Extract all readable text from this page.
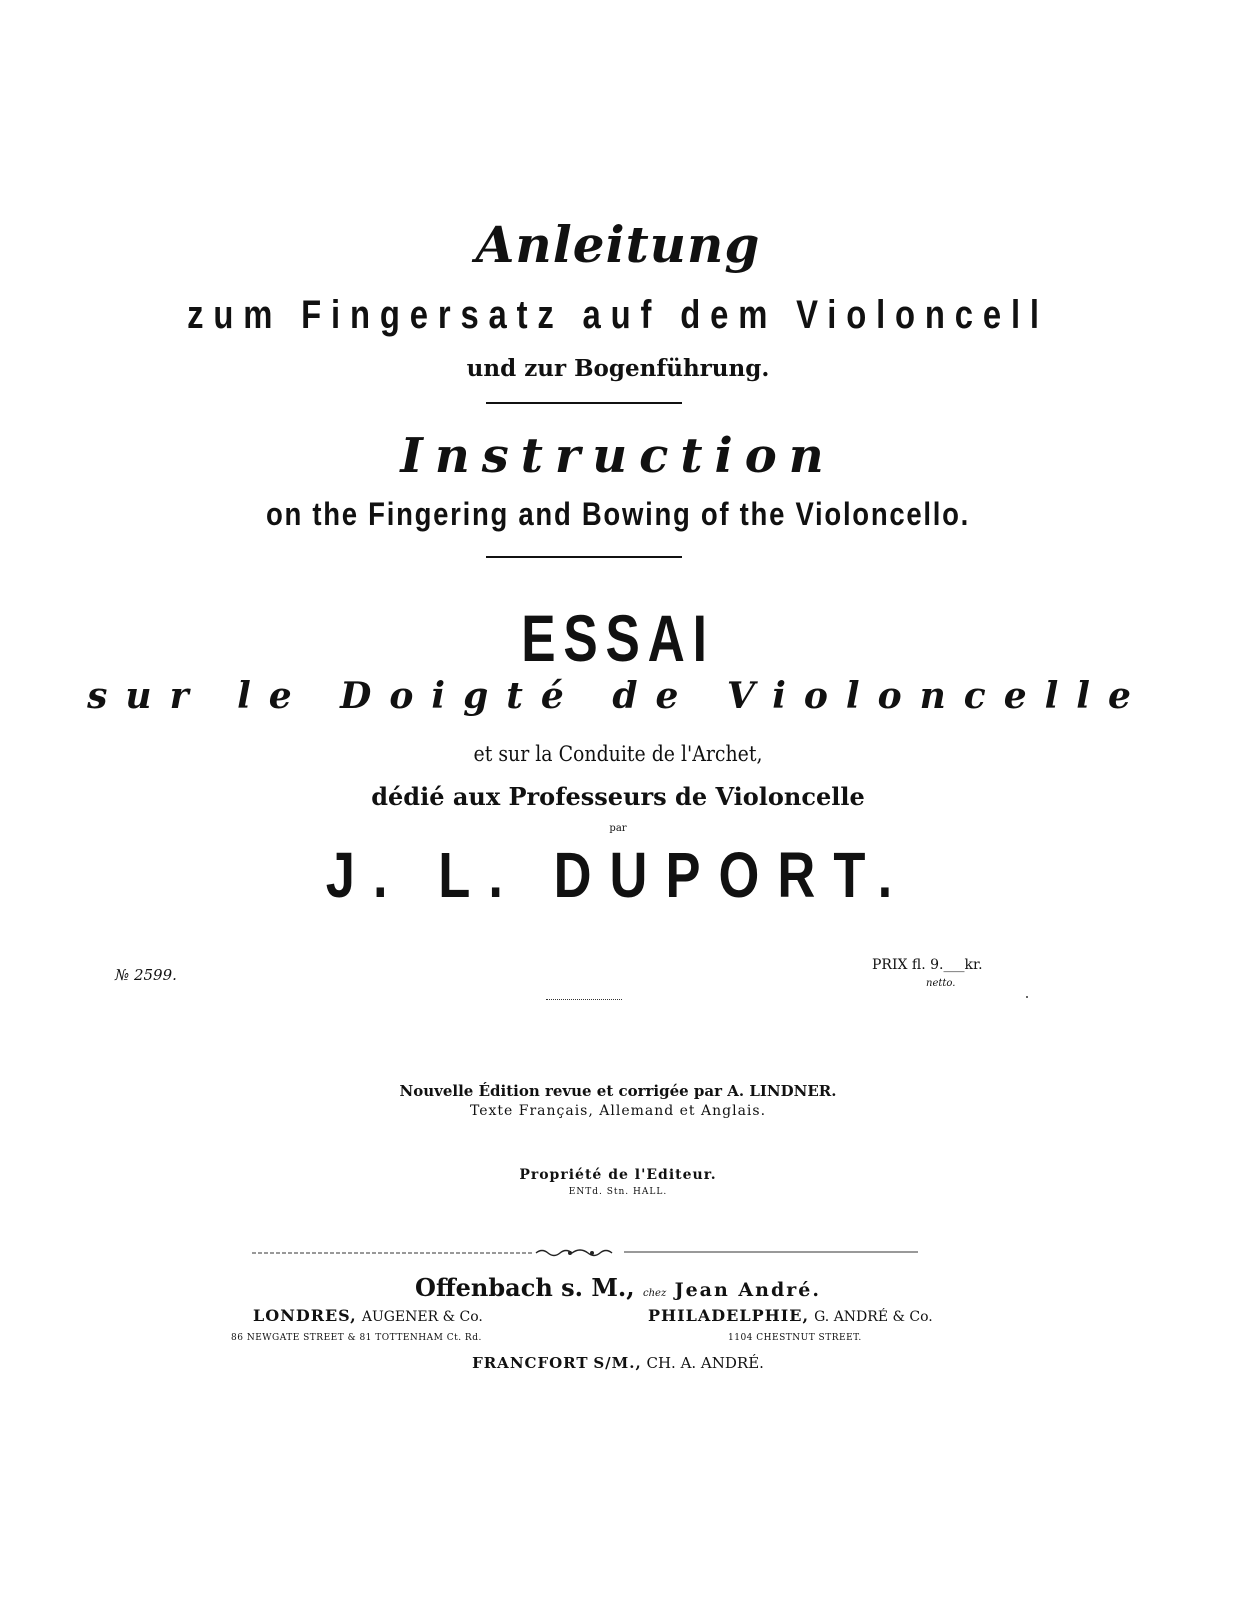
Anleitung
zum Fingersatz auf dem Violoncell
und zur Bogenführung.
Instruction
on the Fingering and Bowing of the Violoncello.
ESSAI
sur le Doigté de Violoncelle
et sur la Conduite de l'Archet,
dédié aux Professeurs de Violoncelle
par
J. L. DUPORT.
№ 2599.
PRIX fl. 9.___kr.
netto.
Nouvelle Édition revue et corrigée par A. LINDNER.
Texte Français, Allemand et Anglais.
Propriété de l'Editeur.
ENTd. Stn. HALL.
Offenbach s. M., chez Jean André.
LONDRES, AUGENER & Co.
86 NEWGATE STREET & 81 TOTTENHAM Ct. Rd.
PHILADELPHIE, G. ANDRÉ & Co.
1104 CHESTNUT STREET.
FRANCFORT S/M., CH. A. ANDRÉ.
